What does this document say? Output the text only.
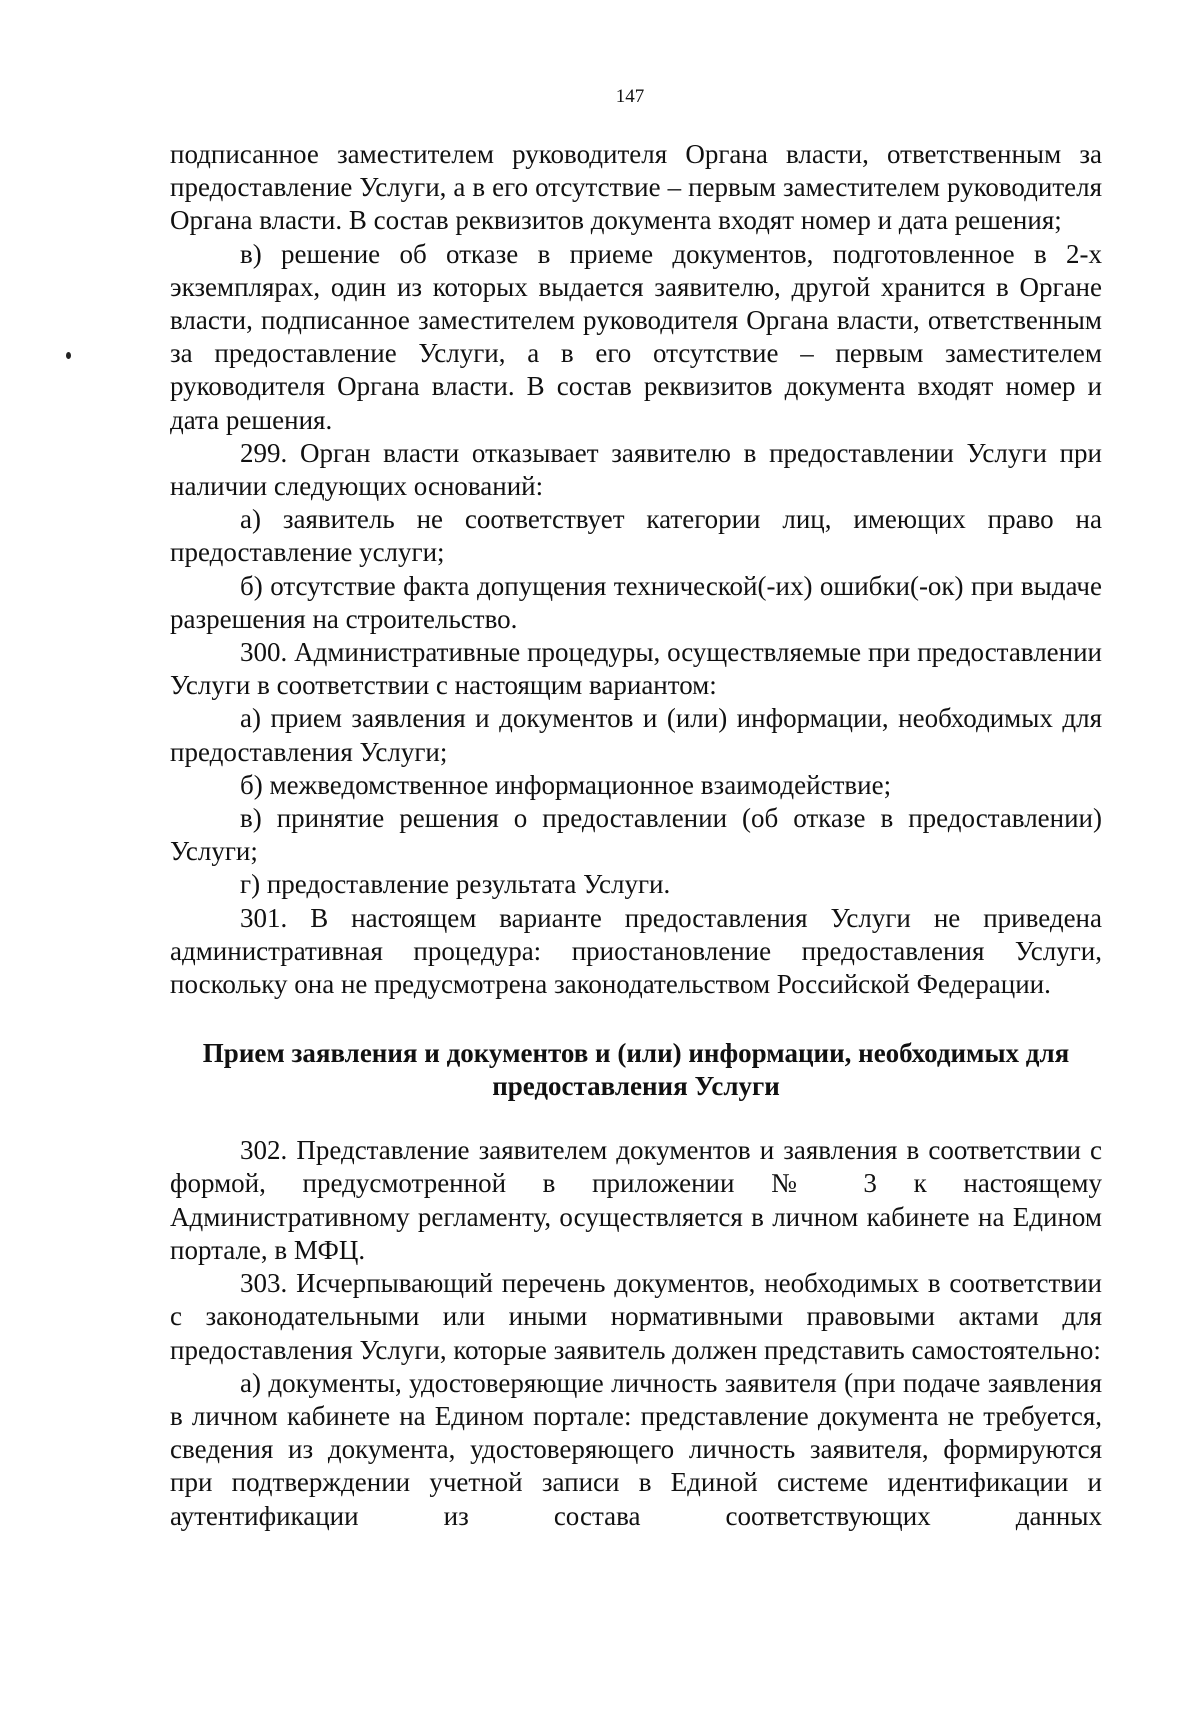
147

подписанное заместителем руководителя Органа власти, ответственным за предоставление Услуги, а в его отсутствие – первым заместителем руководителя Органа власти. В состав реквизитов документа входят номер и дата решения;

в) решение об отказе в приеме документов, подготовленное в 2-х экземплярах, один из которых выдается заявителю, другой хранится в Органе власти, подписанное заместителем руководителя Органа власти, ответственным за предоставление Услуги, а в его отсутствие – первым заместителем руководителя Органа власти. В состав реквизитов документа входят номер и дата решения.

299. Орган власти отказывает заявителю в предоставлении Услуги при наличии следующих оснований:

а) заявитель не соответствует категории лиц, имеющих право на предоставление услуги;

б) отсутствие факта допущения технической(-их) ошибки(-ок) при выдаче разрешения на строительство.

300. Административные процедуры, осуществляемые при предоставлении Услуги в соответствии с настоящим вариантом:

а) прием заявления и документов и (или) информации, необходимых для предоставления Услуги;

б) межведомственное информационное взаимодействие;

в) принятие решения о предоставлении (об отказе в предоставлении) Услуги;

г) предоставление результата Услуги.

301. В настоящем варианте предоставления Услуги не приведена административная процедура: приостановление предоставления Услуги, поскольку она не предусмотрена законодательством Российской Федерации.

Прием заявления и документов и (или) информации, необходимых для предоставления Услуги

302. Представление заявителем документов и заявления в соответствии с формой, предусмотренной в приложении № 3 к настоящему Административному регламенту, осуществляется в личном кабинете на Едином портале, в МФЦ.

303. Исчерпывающий перечень документов, необходимых в соответствии с законодательными или иными нормативными правовыми актами для предоставления Услуги, которые заявитель должен представить самостоятельно:

а) документы, удостоверяющие личность заявителя (при подаче заявления в личном кабинете на Едином портале: представление документа не требуется, сведения из документа, удостоверяющего личность заявителя, формируются при подтверждении учетной записи в Единой системе идентификации и аутентификации из состава соответствующих данных
